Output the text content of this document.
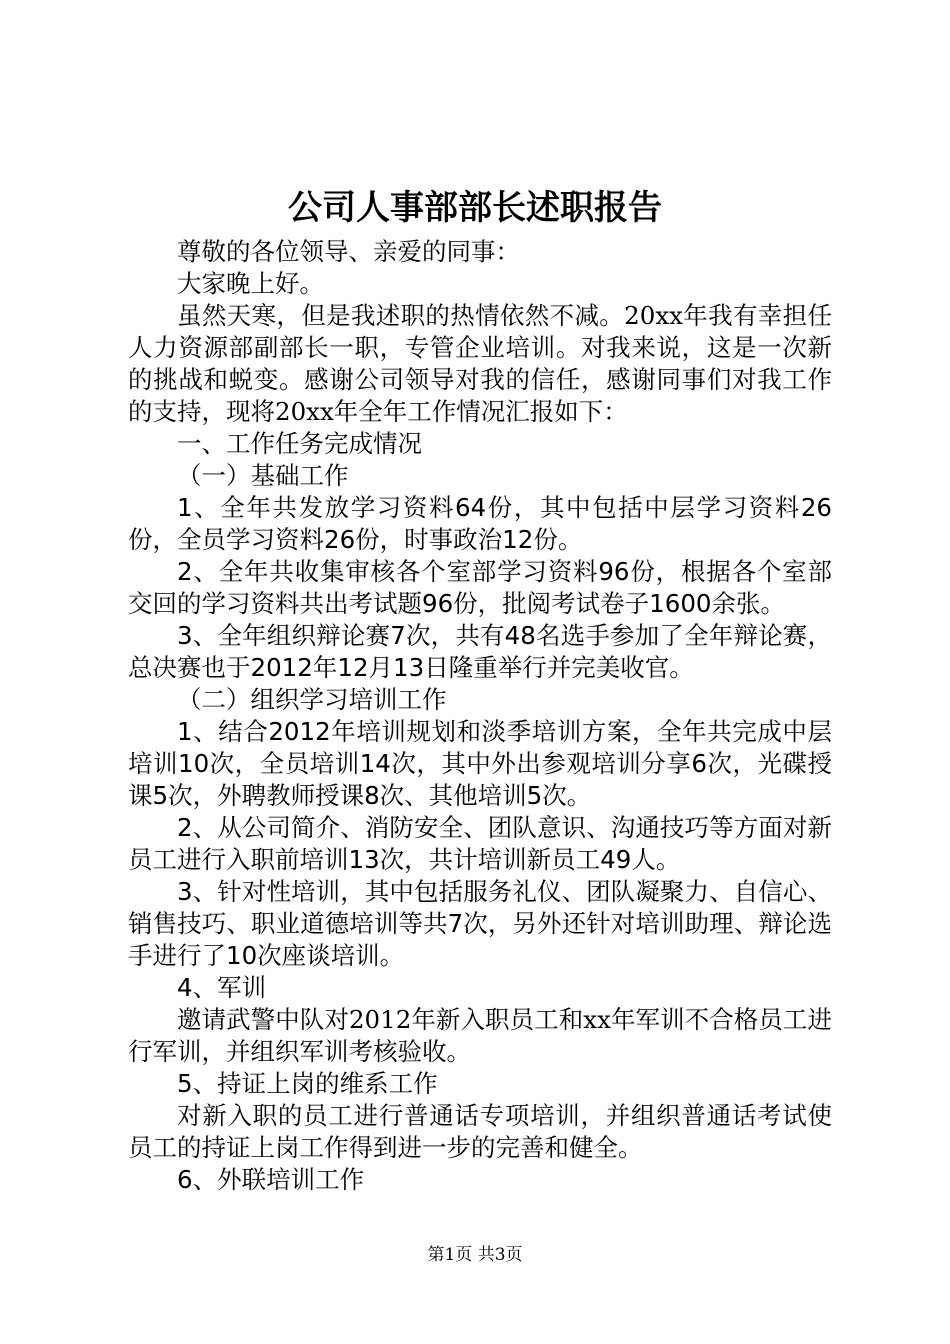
公司人事部部长述职报告

尊敬的各位领导、亲爱的同事：

大家晚上好。

虽然天寒，但是我述职的热情依然不减。20xx年我有幸担任人力资源部副部长一职，专管企业培训。对我来说，这是一次新的挑战和蜕变。感谢公司领导对我的信任，感谢同事们对我工作的支持，现将20xx年全年工作情况汇报如下：

一、工作任务完成情况

（一）基础工作

1、全年共发放学习资料64份，其中包括中层学习资料26份，全员学习资料26份，时事政治12份。

2、全年共收集审核各个室部学习资料96份，根据各个室部交回的学习资料共出考试题96份，批阅考试卷子1600余张。

3、全年组织辩论赛7次，共有48名选手参加了全年辩论赛，总决赛也于2012年12月13日隆重举行并完美收官。

（二）组织学习培训工作

1、结合2012年培训规划和淡季培训方案，全年共完成中层培训10次，全员培训14次，其中外出参观培训分享6次，光碟授课5次，外聘教师授课8次、其他培训5次。

2、从公司简介、消防安全、团队意识、沟通技巧等方面对新员工进行入职前培训13次，共计培训新员工49人。

3、针对性培训，其中包括服务礼仪、团队凝聚力、自信心、销售技巧、职业道德培训等共7次，另外还针对培训助理、辩论选手进行了10次座谈培训。

4、军训

邀请武警中队对2012年新入职员工和xx年军训不合格员工进行军训，并组织军训考核验收。

5、持证上岗的维系工作

对新入职的员工进行普通话专项培训，并组织普通话考试使员工的持证上岗工作得到进一步的完善和健全。

6、外联培训工作

第1页 共3页
